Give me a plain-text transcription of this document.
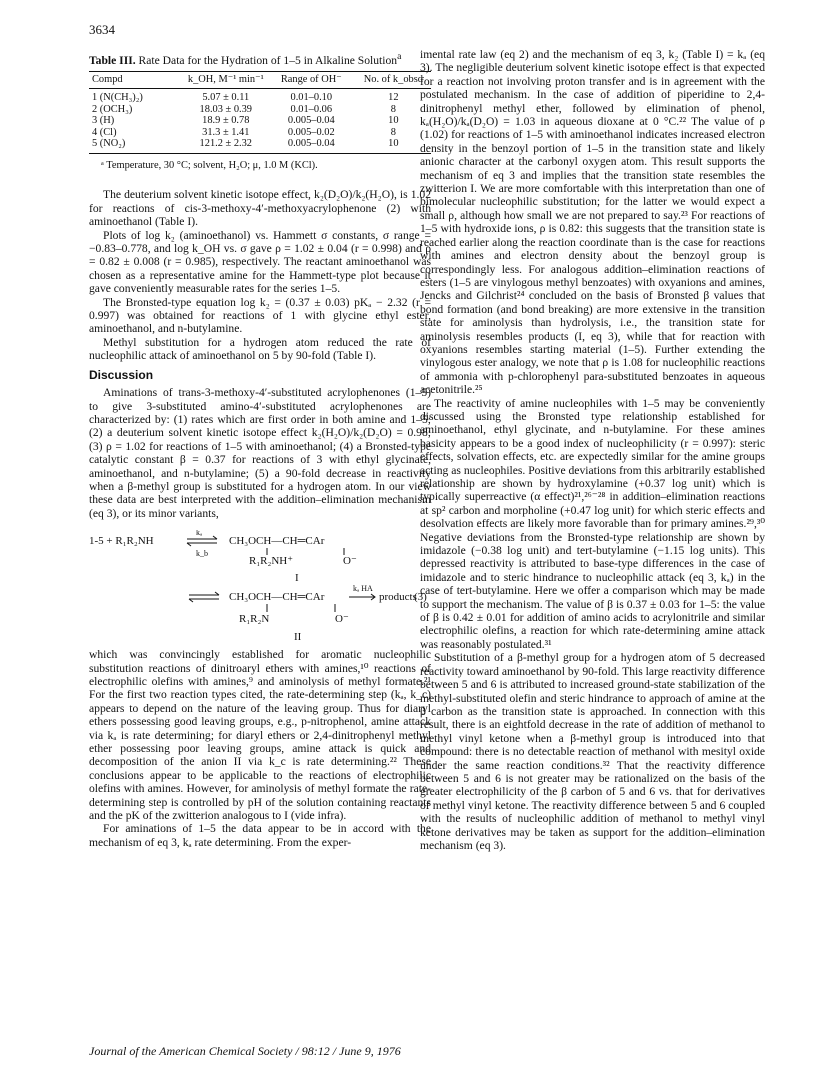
3634
Table III. Rate Data for the Hydration of 1–5 in Alkaline Solution$^a$
Compd	k_OH, M⁻¹ min⁻¹	Range of OH⁻	No. of k_obsd
1 (N(CH₃)₂)	5.07 ± 0.11	0.01–0.10	12
2 (OCH₃)	18.03 ± 0.39	0.01–0.06	8
3 (H)	18.9 ± 0.78	0.005–0.04	10
4 (Cl)	31.3 ± 1.41	0.005–0.02	8
5 (NO₂)	121.2 ± 2.32	0.005–0.04	10
ᵃ Temperature, 30 °C; solvent, H₂O; μ, 1.0 M (KCl).

The deuterium solvent kinetic isotope effect, k₂(D₂O)/k₂(H₂O), is 1.02 for reactions of cis-3-methoxy-4′-methoxyacrylophenone (2) with aminoethanol (Table I).

Plots of log k₂ (aminoethanol) vs. Hammett σ constants, σ range = −0.83–0.778, and log k_OH vs. σ gave ρ = 1.02 ± 0.04 (r = 0.998) and ρ = 0.82 ± 0.008 (r = 0.985), respectively. The reactant aminoethanol was chosen as a representative amine for the Hammett-type plot because it gave conveniently measurable rates for the series 1–5.

The Bronsted-type equation log k₂ = (0.37 ± 0.03) pKₐ − 2.32 (r = 0.997) was obtained for reactions of 1 with glycine ethyl ester, aminoethanol, and n-butylamine.

Methyl substitution for a hydrogen atom reduced the rate of nucleophilic attack of aminoethanol on 5 by 90-fold (Table I).

Discussion

Aminations of trans-3-methoxy-4′-substituted acrylophenones (1–5) to give 3-substituted amino-4′-substituted acrylophenones are characterized by: (1) rates which are first order in both amine and 1–5; (2) a deuterium solvent kinetic isotope effect k₂(H₂O)/k₂(D₂O) = 0.98; (3) ρ = 1.02 for reactions of 1–5 with aminoethanol; (4) a Bronsted-type catalytic constant β = 0.37 for reactions of 3 with ethyl glycinate, aminoethanol, and n-butylamine; (5) a 90-fold decrease in reactivity when a β-methyl group is substituted for a hydrogen atom. In our view these data are best interpreted with the addition–elimination mechanism (eq 3), or its minor variants,

1-5 + R₁R₂NH
kₐ
k_b
CH₃OCH—CH═CAr
R₁R₂NH⁺	O⁻
I
CH₃OCH—CH═CAr
kₐ HA
products
(3)
R₁R₂N	O⁻
II

which was convincingly established for aromatic nucleophilic substitution reactions of dinitroaryl ethers with amines,¹⁰ reactions of electrophilic olefins with amines,⁹ and aminolysis of methyl formate.²¹ For the first two reaction types cited, the rate-determining step (kₐ, k_c) appears to depend on the nature of the leaving group. Thus for diaryl ethers possessing good leaving groups, e.g., p-nitrophenol, amine attack via kₐ is rate determining; for diaryl ethers or 2,4-dinitrophenyl methyl ether possessing poor leaving groups, amine attack is quick and decomposition of the anion II via k_c is rate determining.²² These conclusions appear to be applicable to the reactions of electrophilic olefins with amines. However, for aminolysis of methyl formate the rate-determining step is controlled by pH of the solution containing reactants and the pK of the zwitterion analogous to I (vide infra).

For aminations of 1–5 the data appear to be in accord with the mechanism of eq 3, kₐ rate determining. From the exper-

imental rate law (eq 2) and the mechanism of eq 3, k₂ (Table I) = kₐ (eq 3). The negligible deuterium solvent kinetic isotope effect is that expected for a reaction not involving proton transfer and is in agreement with the postulated mechanism. In the case of addition of piperidine to 2,4-dinitrophenyl methyl ether, followed by elimination of phenol, kₐ(H₂O)/kₐ(D₂O) = 1.03 in aqueous dioxane at 0 °C.²² The value of ρ (1.02) for reactions of 1–5 with aminoethanol indicates increased electron density in the benzoyl portion of 1–5 in the transition state and likely anionic character at the carbonyl oxygen atom. This result supports the mechanism of eq 3 and implies that the transition state resembles the zwitterion I. We are more comfortable with this interpretation than one of bimolecular nucleophilic substitution; for the latter we would expect a small ρ, although how small we are not prepared to say.²³ For reactions of 1–5 with hydroxide ions, ρ is 0.82: this suggests that the transition state is reached earlier along the reaction coordinate than is the case for reactions with amines and electron density about the benzoyl group is correspondingly less. For analogous addition–elimination reactions of esters (1–5 are vinylogous methyl benzoates) with oxyanions and amines, Jencks and Gilchrist²⁴ concluded on the basis of Bronsted β values that bond formation (and bond breaking) are more extensive in the transition state for aminolysis than hydrolysis, i.e., the transition state for aminolysis resembles products (I, eq 3), while that for reaction with oxyanions resembles starting material (1–5). Further extending the vinylogous ester analogy, we note that ρ is 1.08 for nucleophilic reactions of ammonia with p-chlorophenyl para-substituted benzoates in aqueous acetonitrile.²⁵

The reactivity of amine nucleophiles with 1–5 may be conveniently discussed using the Bronsted type relationship established for aminoethanol, ethyl glycinate, and n-butylamine. For these amines basicity appears to be a good index of nucleophilicity (r = 0.997): steric effects, solvation effects, etc. are expectedly similar for the amine groups acting as nucleophiles. Positive deviations from this arbitrarily established relationship are shown by hydroxylamine (+0.37 log unit) which is typically superreactive (α effect)²¹,²⁶⁻²⁸ in addition–elimination reactions at sp² carbon and morpholine (+0.47 log unit) for which steric effects and desolvation effects are likely more favorable than for primary amines.²⁹,³⁰ Negative deviations from the Bronsted-type relationship are shown by imidazole (−0.38 log unit) and tert-butylamine (−1.15 log units). This depressed reactivity is attributed to base-type differences in the case of imidazole and to steric hindrance to nucleophilic attack (eq 3, kₐ) in the case of tert-butylamine. Here we offer a comparison which may be made to support the mechanism. The value of β is 0.37 ± 0.03 for 1–5: the value of β is 0.42 ± 0.01 for addition of amino acids to acrylonitrile and similar electrophilic olefins, a reaction for which rate-determining amine attack was reasonably postulated.³¹

Substitution of a β-methyl group for a hydrogen atom of 5 decreased reactivity toward aminoethanol by 90-fold. This large reactivity difference between 5 and 6 is attributed to increased ground-state stabilization of the methyl-substituted olefin and steric hindrance to approach of amine at the β carbon as the transition state is approached. In connection with this result, there is an eightfold decrease in the rate of addition of methanol to methyl vinyl ketone when a β-methyl group is introduced into that compound: there is no detectable reaction of methanol with mesityl oxide under the same reaction conditions.³² That the reactivity difference between 5 and 6 is not greater may be rationalized on the basis of the greater electrophilicity of the β carbon of 5 and 6 vs. that for derivatives of methyl vinyl ketone. The reactivity difference between 5 and 6 coupled with the results of nucleophilic addition of methanol to methyl vinyl ketone derivatives may be taken as support for the addition–elimination mechanism (eq 3).

Journal of the American Chemical Society / 98:12 / June 9, 1976
